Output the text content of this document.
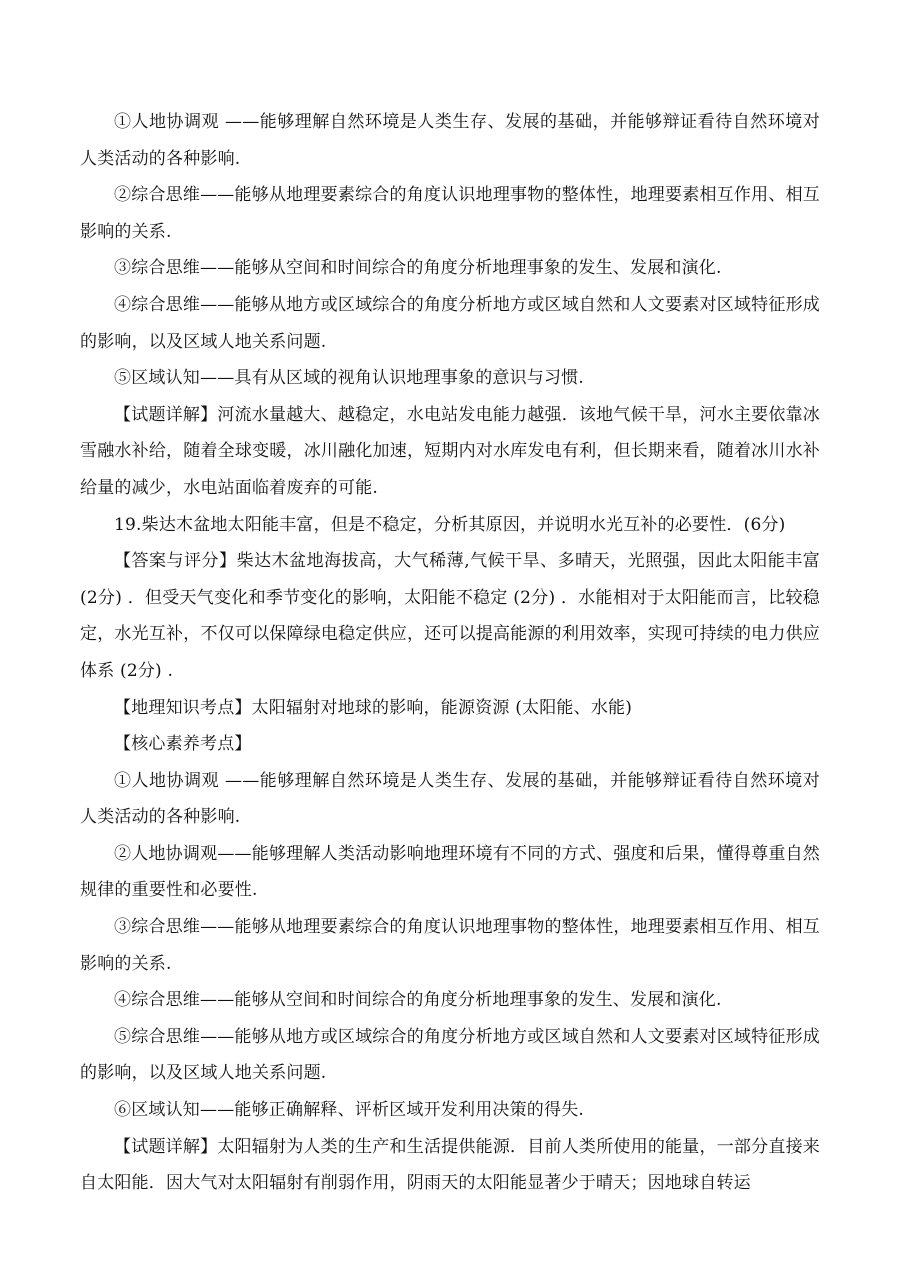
①人地协调观 ——能够理解自然环境是人类生存、发展的基础，并能够辩证看待自然环境对人类活动的各种影响.

②综合思维——能够从地理要素综合的角度认识地理事物的整体性，地理要素相互作用、相互影响的关系.

③综合思维——能够从空间和时间综合的角度分析地理事象的发生、发展和演化.

④综合思维——能够从地方或区域综合的角度分析地方或区域自然和人文要素对区域特征形成的影响，以及区域人地关系问题.

⑤区域认知——具有从区域的视角认识地理事象的意识与习惯.

【试题详解】河流水量越大、越稳定，水电站发电能力越强．该地气候干旱，河水主要依靠冰雪融水补给，随着全球变暖，冰川融化加速，短期内对水库发电有利，但长期来看，随着冰川水补给量的减少，水电站面临着废弃的可能.

19.柴达木盆地太阳能丰富，但是不稳定，分析其原因，并说明水光互补的必要性．(6分)

【答案与评分】柴达木盆地海拔高，大气稀薄,气候干旱、多晴天，光照强，因此太阳能丰富 (2分) ．但受天气变化和季节变化的影响，太阳能不稳定 (2分) ．水能相对于太阳能而言，比较稳定，水光互补，不仅可以保障绿电稳定供应，还可以提高能源的利用效率，实现可持续的电力供应体系 (2分) .

【地理知识考点】太阳辐射对地球的影响，能源资源 (太阳能、水能)

【核心素养考点】

①人地协调观 ——能够理解自然环境是人类生存、发展的基础，并能够辩证看待自然环境对人类活动的各种影响.

②人地协调观——能够理解人类活动影响地理环境有不同的方式、强度和后果，懂得尊重自然规律的重要性和必要性.

③综合思维——能够从地理要素综合的角度认识地理事物的整体性，地理要素相互作用、相互影响的关系.

④综合思维——能够从空间和时间综合的角度分析地理事象的发生、发展和演化.

⑤综合思维——能够从地方或区域综合的角度分析地方或区域自然和人文要素对区域特征形成的影响，以及区域人地关系问题.

⑥区域认知——能够正确解释、评析区域开发利用决策的得失.

【试题详解】太阳辐射为人类的生产和生活提供能源．目前人类所使用的能量，一部分直接来自太阳能．因大气对太阳辐射有削弱作用，阴雨天的太阳能显著少于晴天；因地球自转运
